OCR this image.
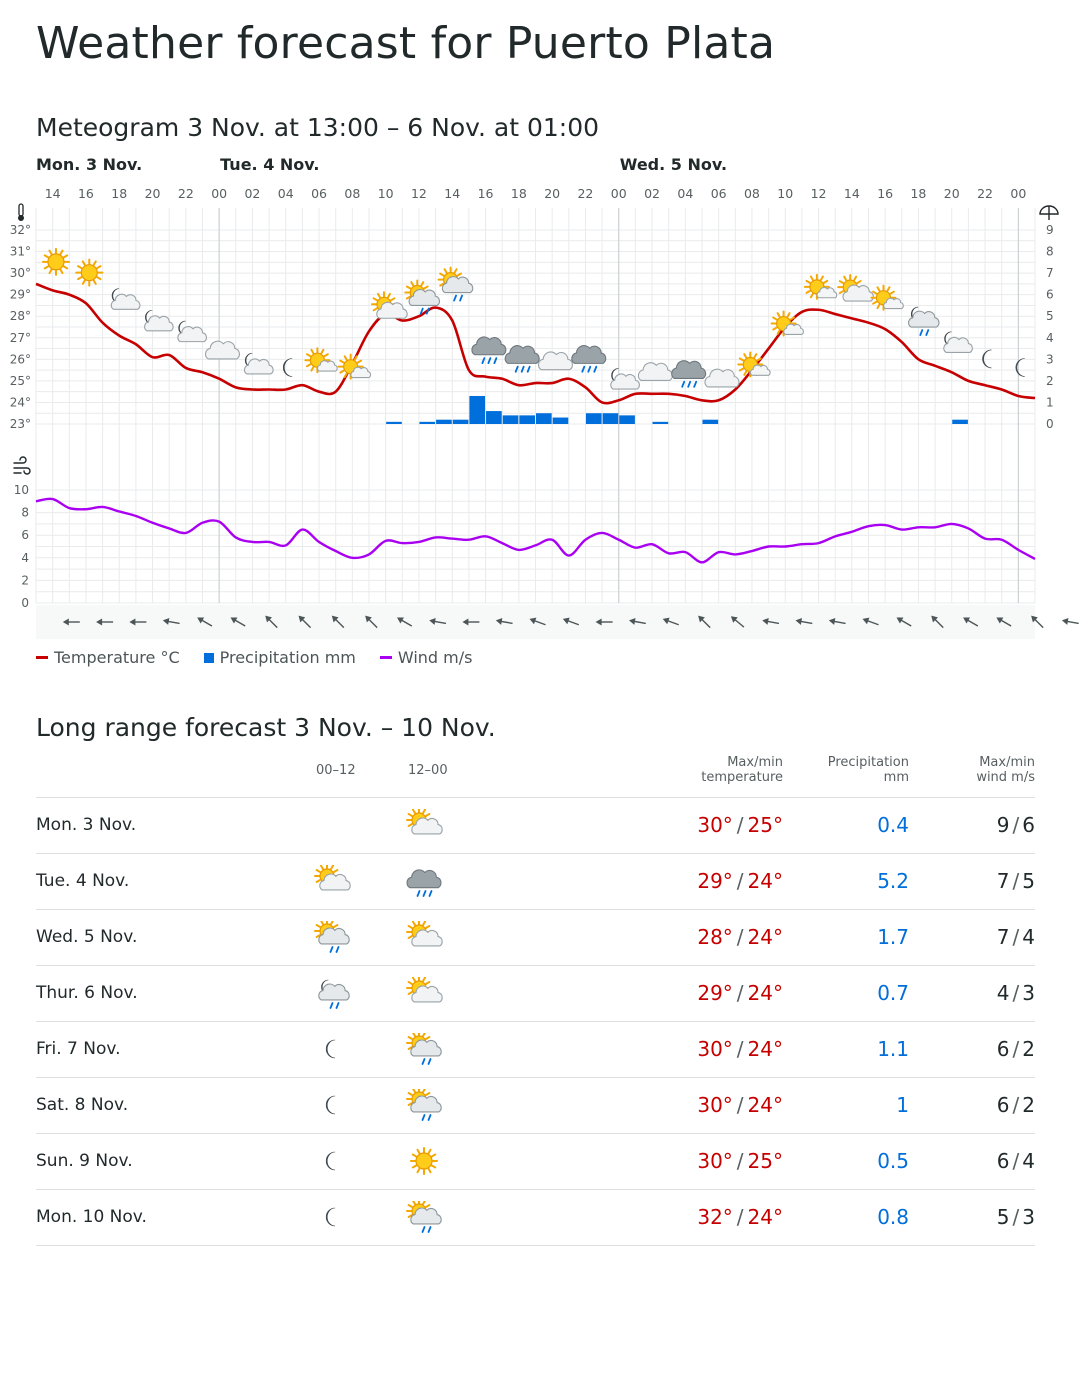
Weather forecast for Puerto Plata
Meteogram 3 Nov. at 13:00 – 6 Nov. at 01:00
Mon. 3 Nov.	Tue. 4 Nov.	Wed. 5 Nov.
14 16 18 20 22 00 02 04 06 08 10 12 14 16 18 20 22 00 02 04 06 08 10 12 14 16 18 20 22 00
32°
31°
30°
29°
28°
27°
26°
25°
24°
23°
9
8
7
6
5
4
3
2
1
0
10
8
6
4
2
0
Temperature °C	Precipitation mm	Wind m/s
Long range forecast 3 Nov. – 10 Nov.
00–12	12–00
Max/min
temperature
Precipitation
mm
Max/min
wind m/s
Mon. 3 Nov.	30° / 25°	0.4	9 / 6
Tue. 4 Nov.	29° / 24°	5.2	7 / 5
Wed. 5 Nov.	28° / 24°	1.7	7 / 4
Thur. 6 Nov.	29° / 24°	0.7	4 / 3
Fri. 7 Nov.	30° / 24°	1.1	6 / 2
Sat. 8 Nov.	30° / 24°	1	6 / 2
Sun. 9 Nov.	30° / 25°	0.5	6 / 4
Mon. 10 Nov.	32° / 24°	0.8	5 / 3
